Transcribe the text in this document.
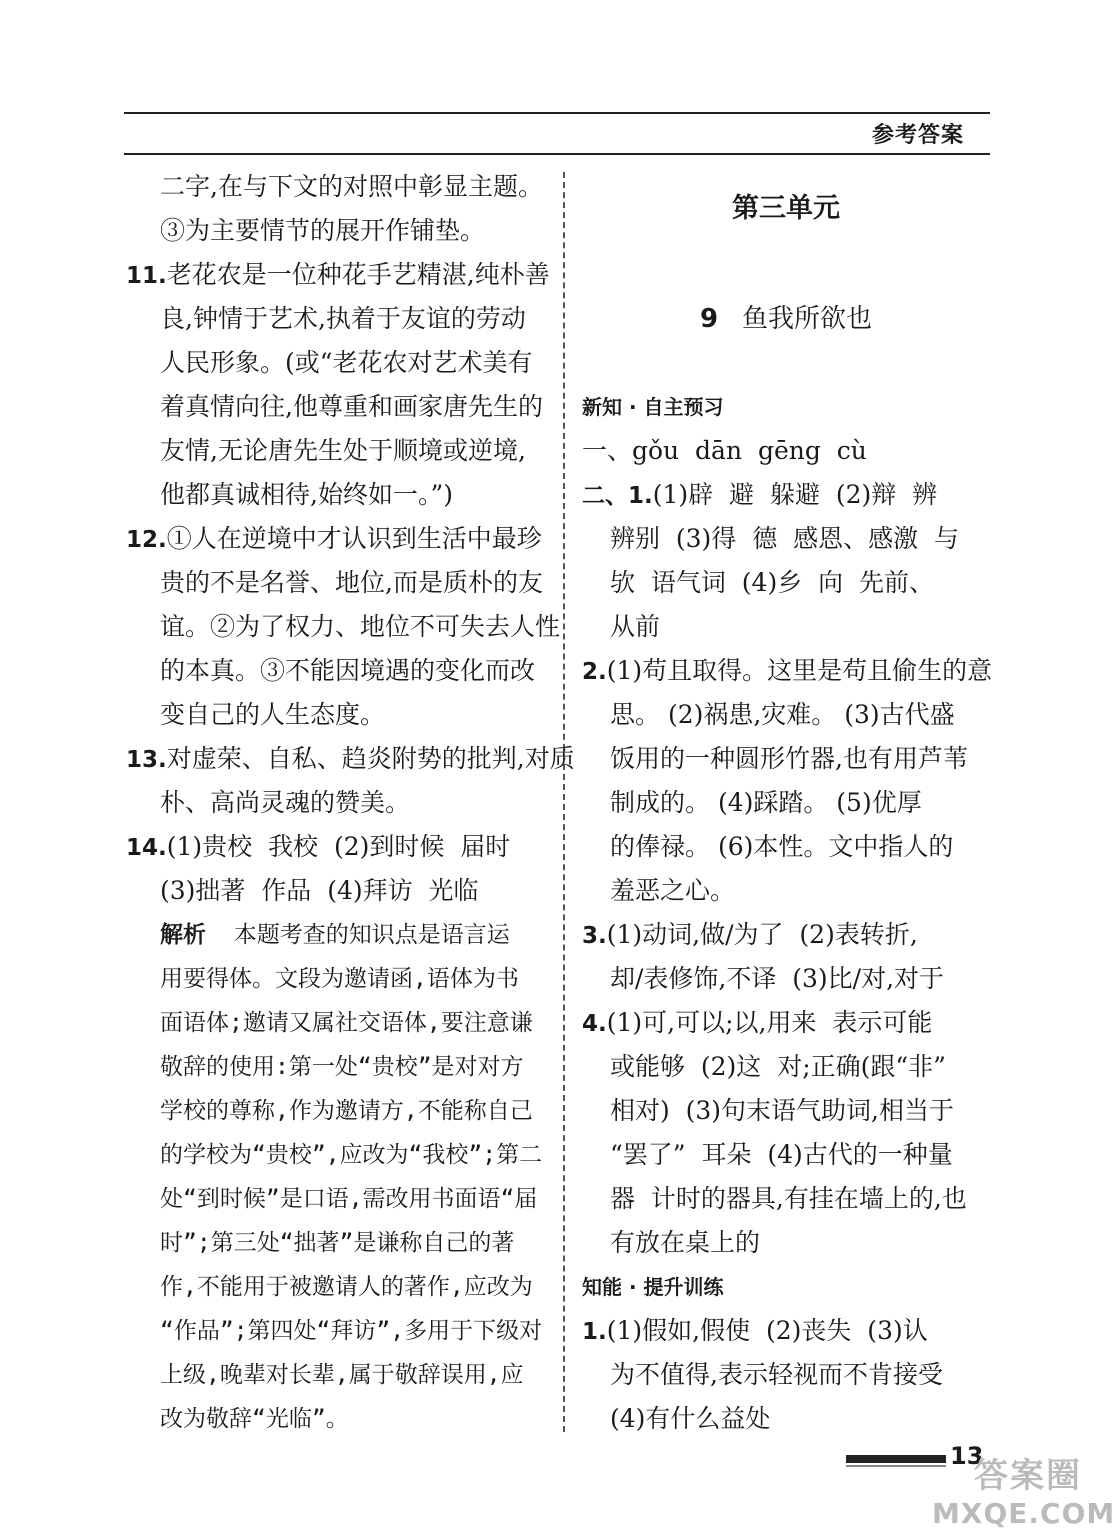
参考答案
二字,在与下文的对照中彰显主题。
③为主要情节的展开作铺垫。
11.老花农是一位种花手艺精湛,纯朴善
良,钟情于艺术,执着于友谊的劳动
人民形象。(或“老花农对艺术美有
着真情向往,他尊重和画家唐先生的
友情,无论唐先生处于顺境或逆境,
他都真诚相待,始终如一。”)
12.①人在逆境中才认识到生活中最珍
贵的不是名誉、地位,而是质朴的友
谊。②为了权力、地位不可失去人性
的本真。③不能因境遇的变化而改
变自己的人生态度。
13.对虚荣、自私、趋炎附势的批判,对质
朴、高尚灵魂的赞美。
14.(1)贵校  我校  (2)到时候  届时
(3)拙著  作品  (4)拜访  光临
解析  本题考查的知识点是语言运
用要得体。文段为邀请函,语体为书
面语体;邀请又属社交语体,要注意谦
敬辞的使用:第一处“贵校”是对对方
学校的尊称,作为邀请方,不能称自己
的学校为“贵校”,应改为“我校”;第二
处“到时候”是口语,需改用书面语“届
时”;第三处“拙著”是谦称自己的著
作,不能用于被邀请人的著作,应改为
“作品”;第四处“拜访”,多用于下级对
上级,晚辈对长辈,属于敬辞误用,应
改为敬辞“光临”。
第三单元
9 鱼我所欲也
新知 · 自主预习
一、gǒu  dān  gēng  cù
二、1.(1)辟  避  躲避  (2)辩  辨
辨别  (3)得  德  感恩、感激  与
欤  语气词  (4)乡  向  先前、
从前
2.(1)苟且取得。这里是苟且偷生的意
思。 (2)祸患,灾难。 (3)古代盛
饭用的一种圆形竹器,也有用芦苇
制成的。 (4)踩踏。 (5)优厚
的俸禄。 (6)本性。文中指人的
羞恶之心。
3.(1)动词,做/为了  (2)表转折,
却/表修饰,不译  (3)比/对,对于
4.(1)可,可以;以,用来  表示可能
或能够  (2)这  对;正确(跟“非”
相对)  (3)句末语气助词,相当于
“罢了”  耳朵  (4)古代的一种量
器  计时的器具,有挂在墙上的,也
有放在桌上的
知能 · 提升训练
1.(1)假如,假使  (2)丧失  (3)认
为不值得,表示轻视而不肯接受
(4)有什么益处
13
答案圈
MXQE.COM
